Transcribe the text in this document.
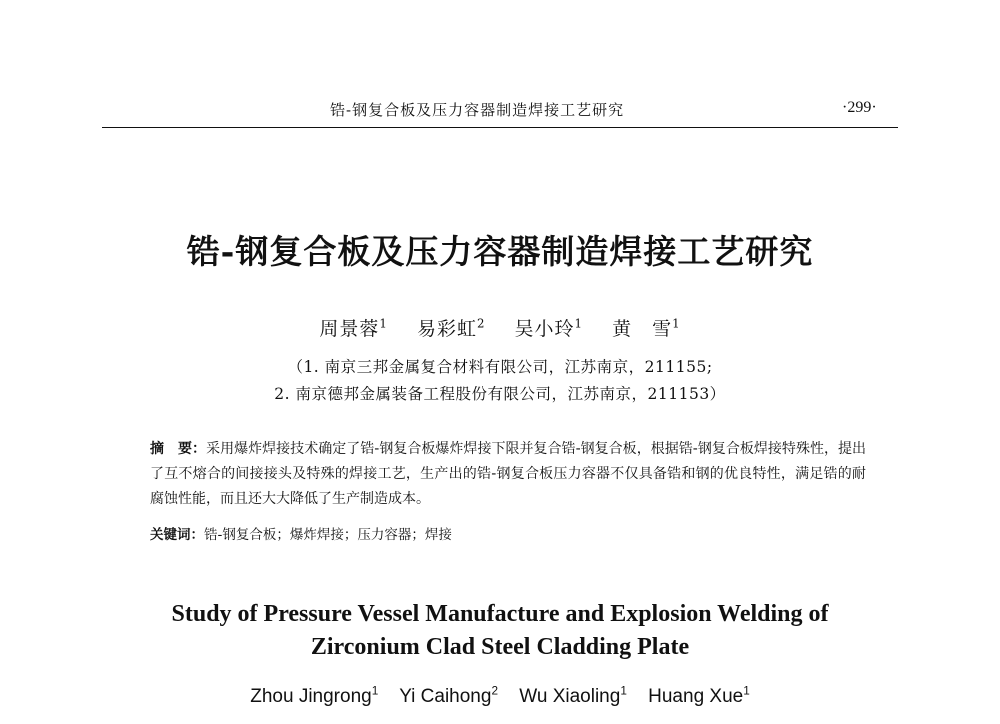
锆-钢复合板及压力容器制造焊接工艺研究	·299·
锆-钢复合板及压力容器制造焊接工艺研究
周景蓉$^1$ 易彩虹$^2$ 吴小玲$^1$ 黄　雪$^1$
（1. 南京三邦金属复合材料有限公司，江苏南京，211155;
2. 南京德邦金属装备工程股份有限公司，江苏南京，211153）
摘　要：采用爆炸焊接技术确定了锆-钢复合板爆炸焊接下限并复合锆-钢复合板，根据锆-钢复合板焊接特殊性，提出了互不熔合的间接接头及特殊的焊接工艺，生产出的锆-钢复合板压力容器不仅具备锆和钢的优良特性，满足锆的耐腐蚀性能，而且还大大降低了生产制造成本。
关键词：锆-钢复合板；爆炸焊接；压力容器；焊接
Study of Pressure Vessel Manufacture and Explosion Welding of
Zirconium Clad Steel Cladding Plate
Zhou Jingrong$^1$ Yi Caihong$^2$ Wu Xiaoling$^1$ Huang Xue$^1$
